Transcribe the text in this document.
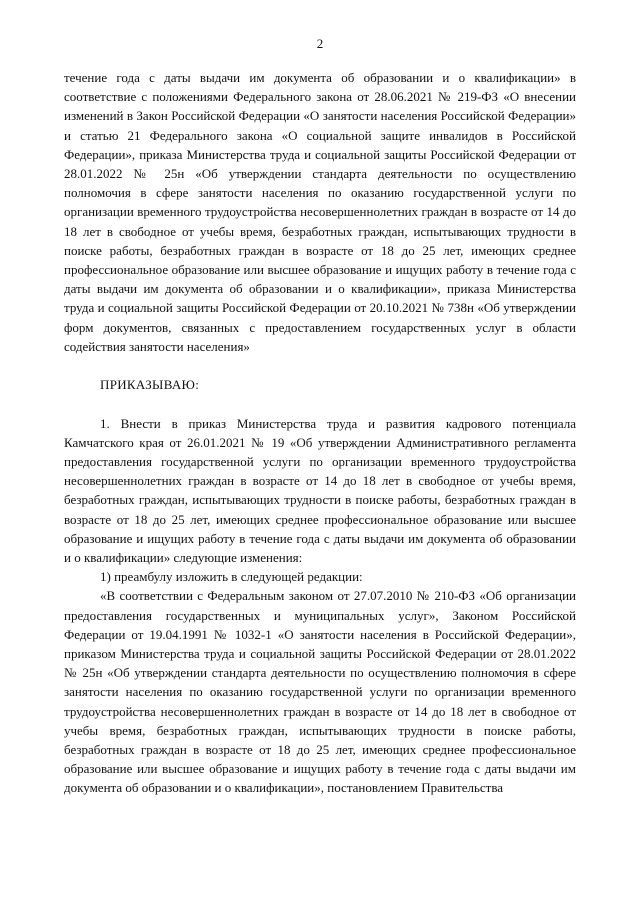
2

течение года с даты выдачи им документа об образовании и о квалификации» в соответствие с положениями Федерального закона от 28.06.2021 № 219-ФЗ «О внесении изменений в Закон Российской Федерации «О занятости населения Российской Федерации» и статью 21 Федерального закона «О социальной защите инвалидов в Российской Федерации», приказа Министерства труда и социальной защиты Российской Федерации от 28.01.2022 № 25н «Об утверждении стандарта деятельности по осуществлению полномочия в сфере занятости населения по оказанию государственной услуги по организации временного трудоустройства несовершеннолетних граждан в возрасте от 14 до 18 лет в свободное от учебы время, безработных граждан, испытывающих трудности в поиске работы, безработных граждан в возрасте от 18 до 25 лет, имеющих среднее профессиональное образование или высшее образование и ищущих работу в течение года с даты выдачи им документа об образовании и о квалификации», приказа Министерства труда и социальной защиты Российской Федерации от 20.10.2021 № 738н «Об утверждении форм документов, связанных с предоставлением государственных услуг в области содействия занятости населения»

ПРИКАЗЫВАЮ:

1. Внести в приказ Министерства труда и развития кадрового потенциала Камчатского края от 26.01.2021 № 19 «Об утверждении Административного регламента предоставления государственной услуги по организации временного трудоустройства несовершеннолетних граждан в возрасте от 14 до 18 лет в свободное от учебы время, безработных граждан, испытывающих трудности в поиске работы, безработных граждан в возрасте от 18 до 25 лет, имеющих среднее профессиональное образование или высшее образование и ищущих работу в течение года с даты выдачи им документа об образовании и о квалификации» следующие изменения:

1) преамбулу изложить в следующей редакции:

«В соответствии с Федеральным законом от 27.07.2010 № 210-ФЗ «Об организации предоставления государственных и муниципальных услуг», Законом Российской Федерации от 19.04.1991 № 1032-1 «О занятости населения в Российской Федерации», приказом Министерства труда и социальной защиты Российской Федерации от 28.01.2022 № 25н «Об утверждении стандарта деятельности по осуществлению полномочия в сфере занятости населения по оказанию государственной услуги по организации временного трудоустройства несовершеннолетних граждан в возрасте от 14 до 18 лет в свободное от учебы время, безработных граждан, испытывающих трудности в поиске работы, безработных граждан в возрасте от 18 до 25 лет, имеющих среднее профессиональное образование или высшее образование и ищущих работу в течение года с даты выдачи им документа об образовании и о квалификации», постановлением Правительства
